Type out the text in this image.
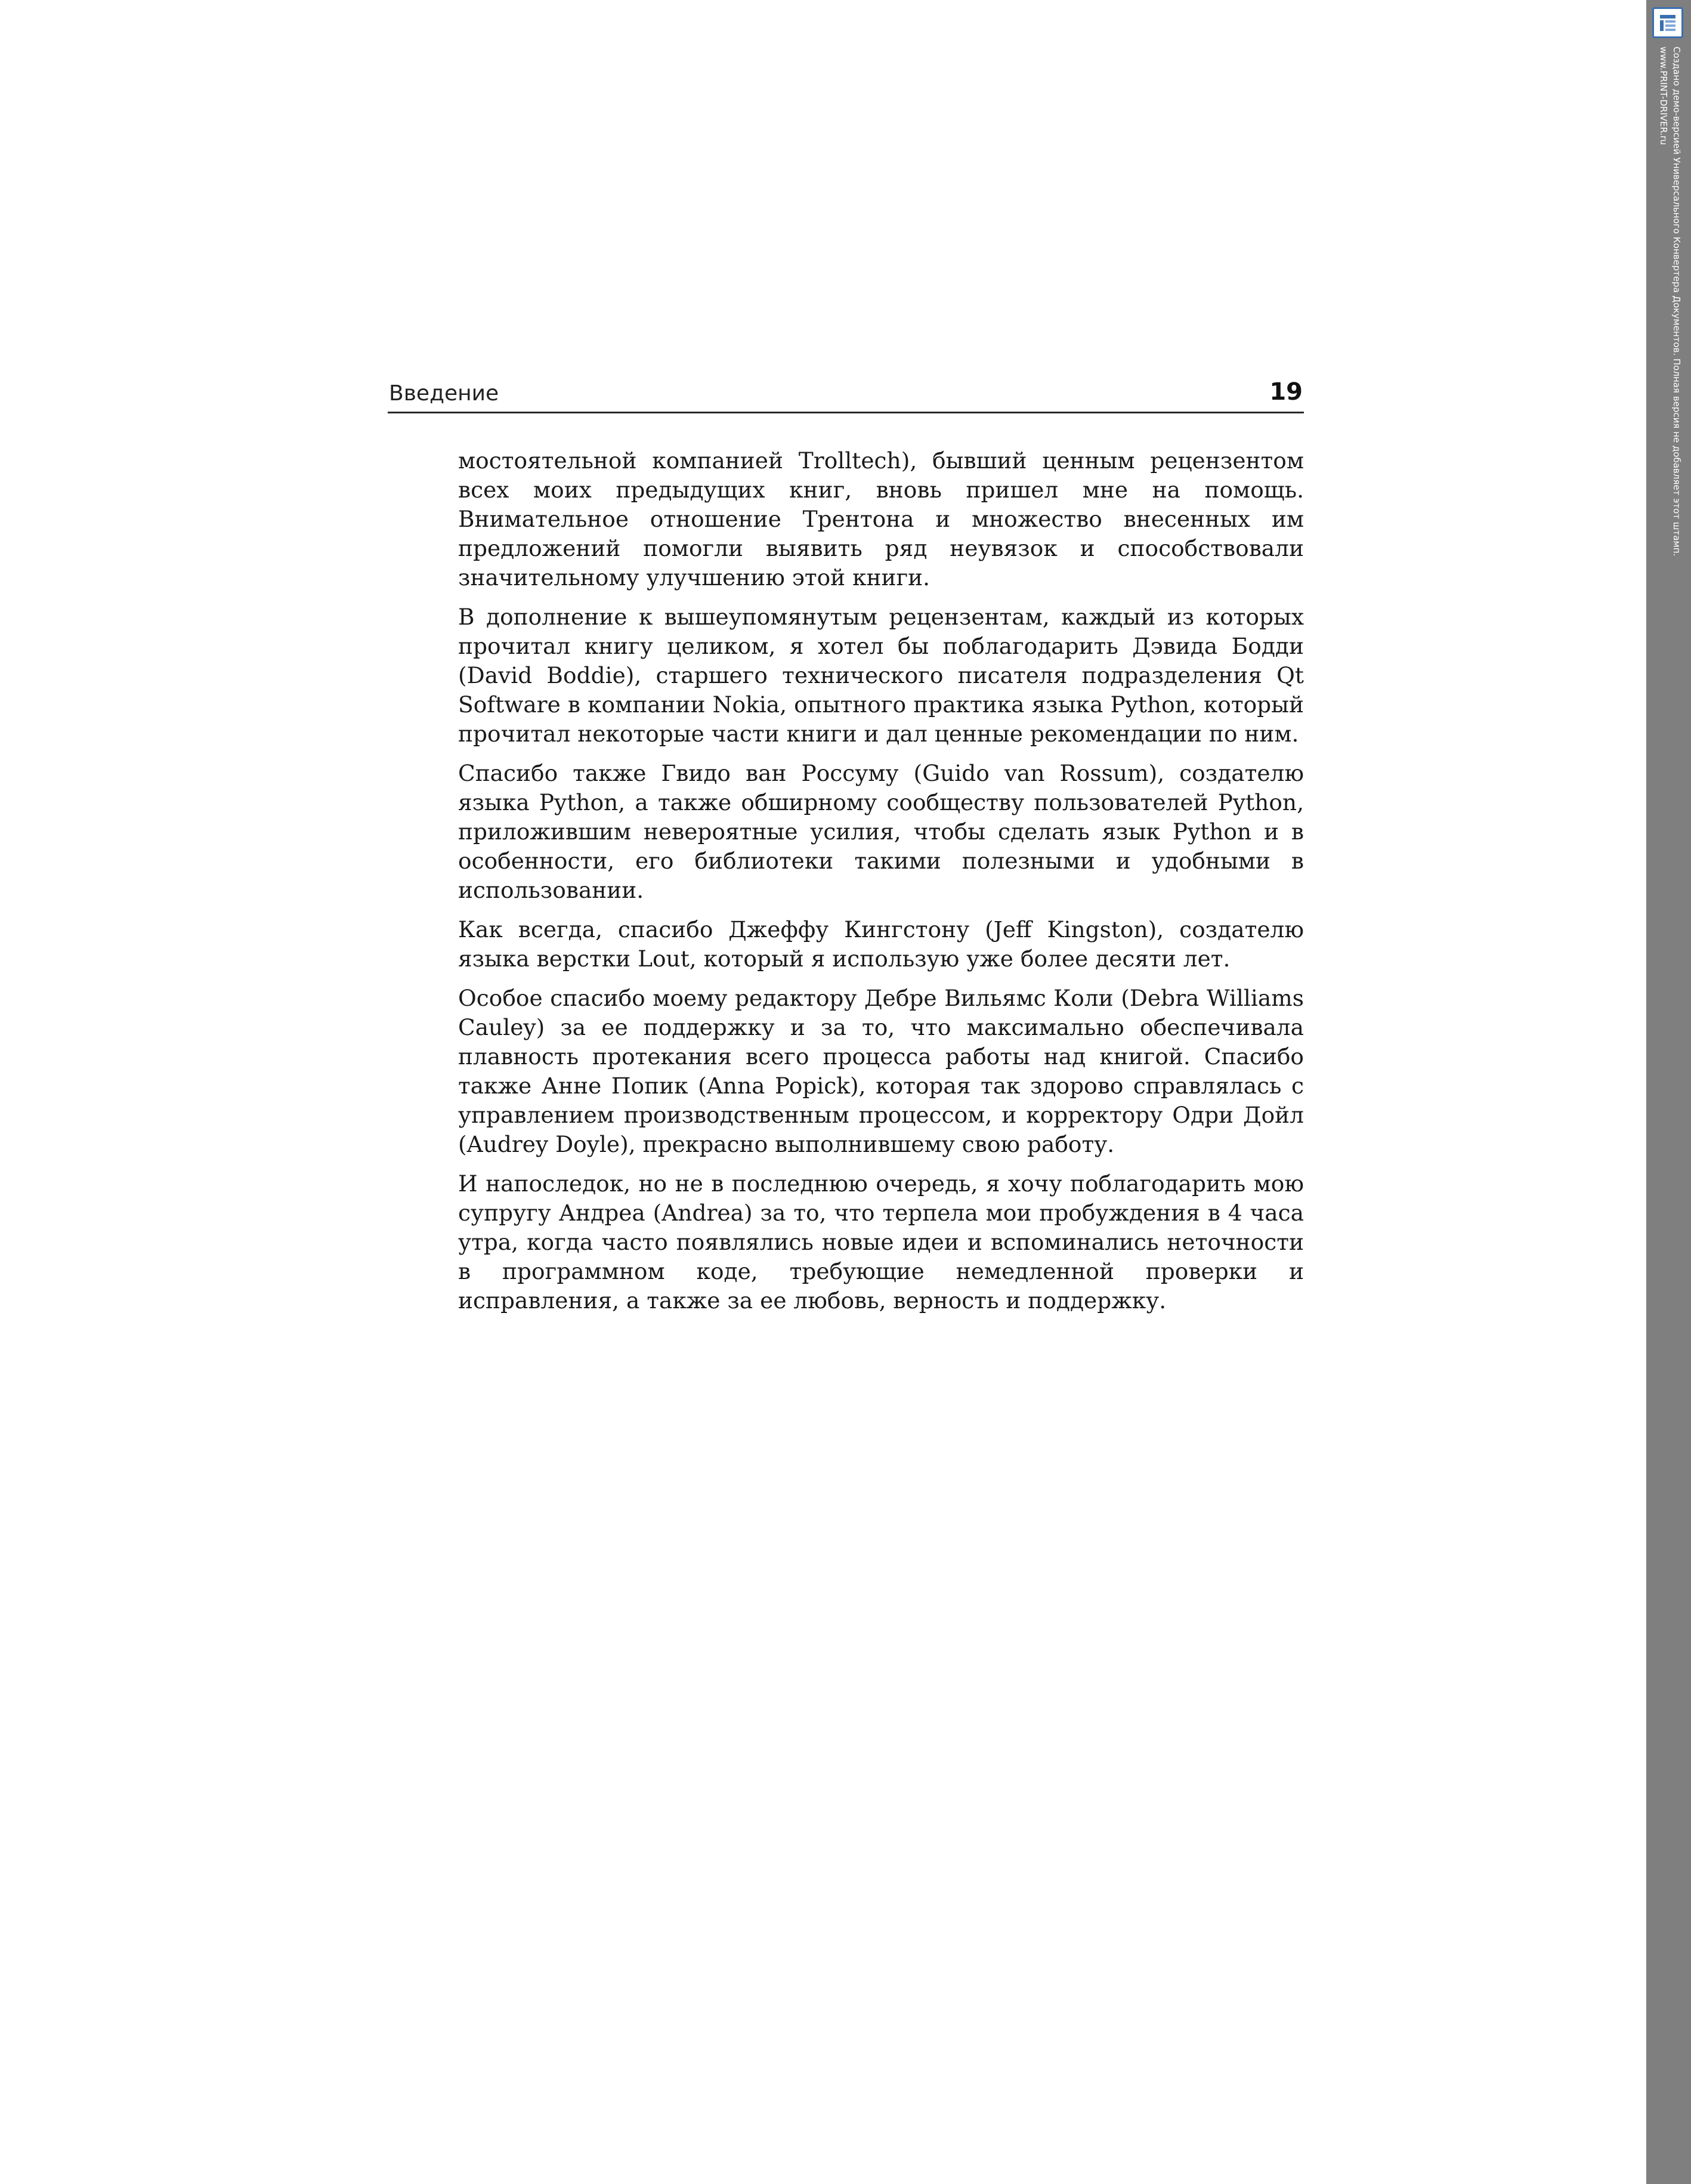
Введение	19

мостоятельной компанией Trolltech), бывший ценным рецензентом всех моих предыдущих книг, вновь пришел мне на помощь. Внимательное отношение Трентона и множество внесенных им предложений помогли выявить ряд неувязок и способствовали значительному улучшению этой книги.

В дополнение к вышеупомянутым рецензентам, каждый из которых прочитал книгу целиком, я хотел бы поблагодарить Дэвида Бодди (David Boddie), старшего технического писателя подразделения Qt Software в компании Nokia, опытного практика языка Python, который прочитал некоторые части книги и дал ценные рекомендации по ним.

Спасибо также Гвидо ван Россуму (Guido van Rossum), создателю языка Python, а также обширному сообществу пользователей Python, приложившим невероятные усилия, чтобы сделать язык Python и в особенности, его библиотеки такими полезными и удобными в использовании.

Как всегда, спасибо Джеффу Кингстону (Jeff Kingston), создателю языка верстки Lout, который я использую уже более десяти лет.

Особое спасибо моему редактору Дебре Вильямс Коли (Debra Williams Cauley) за ее поддержку и за то, что максимально обеспечивала плавность протекания всего процесса работы над книгой. Спасибо также Анне Попик (Anna Popick), которая так здорово справлялась с управлением производственным процессом, и корректору Одри Дойл (Audrey Doyle), прекрасно выполнившему свою работу.

И напоследок, но не в последнюю очередь, я хочу поблагодарить мою супругу Андреа (Andrea) за то, что терпела мои пробуждения в 4 часа утра, когда часто появлялись новые идеи и вспоминались неточности в программном коде, требующие немедленной проверки и исправления, а также за ее любовь, верность и поддержку.

Создано демо-версией Универсального Конвертера Документов. Полная версия не добавляет этот штамп.
www.PRINT-DRIVER.ru
